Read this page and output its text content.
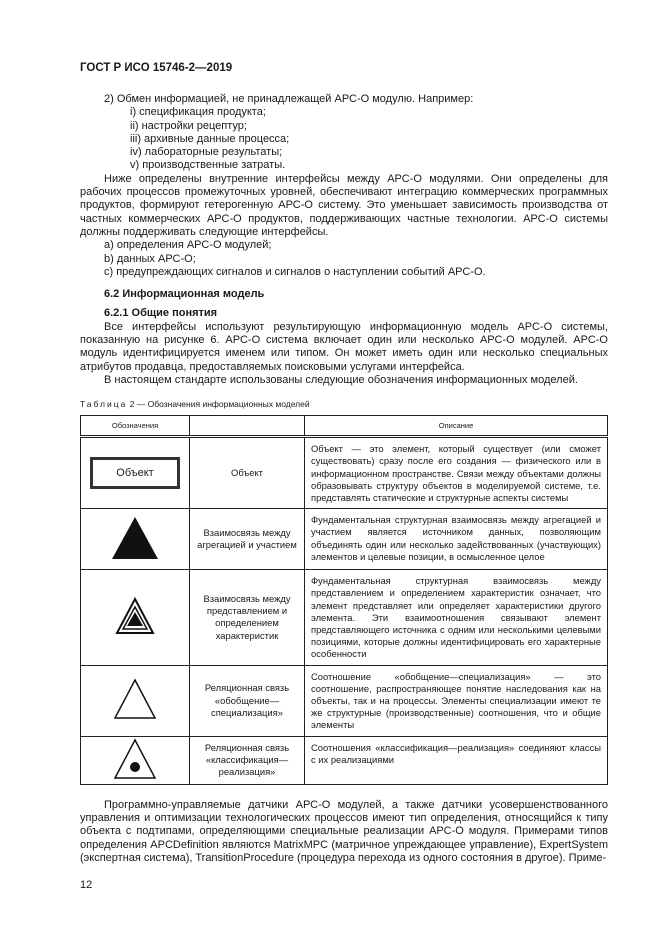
ГОСТ Р ИСО 15746-2—2019

2) Обмен информацией, не принадлежащей АРС-О модулю. Например:

i) спецификация продукта;

ii) настройки рецептур;

iii) архивные данные процесса;

iv) лабораторные результаты;

v) производственные затраты.

Ниже определены внутренние интерфейсы между АРС-О модулями. Они определены для рабочих процессов промежуточных уровней, обеспечивают интеграцию коммерческих программных продуктов, формируют гетерогенную АРС-О систему. Это уменьшает зависимость производства от частных коммерческих АРС-О продуктов, поддерживающих частные технологии. АРС-О системы должны поддерживать следующие интерфейсы.

a) определения АРС-О модулей;

b) данных АРС-О;

c) предупреждающих сигналов и сигналов о наступлении событий АРС-О.

6.2 Информационная модель

6.2.1 Общие понятия

Все интерфейсы используют результирующую информационную модель АРС-О системы, показанную на рисунке 6. АРС-О система включает один или несколько АРС-О модулей. АРС-О модуль идентифицируется именем или типом. Он может иметь один или несколько специальных атрибутов продавца, предоставляемых поисковыми услугами интерфейса.

В настоящем стандарте использованы следующие обозначения информационных моделей.

Таблица 2 — Обозначения информационных моделей
Обозначения		Описание
Объект	Объект	Объект — это элемент, который существует (или сможет существовать) сразу после его создания — физического или в информационном пространстве. Связи между объектами должны образовывать структуру объектов в моделируемой системе, т.е. представлять статические и структурные аспекты системы
	Взаимосвязь между агрегацией и участием	Фундаментальная структурная взаимосвязь между агрегацией и участием является источником данных, позволяющим объединять один или несколько задействованных (участвующих) элементов и целевые позиции, в осмысленное целое
	Взаимосвязь между представлением и определением характеристик	Фундаментальная структурная взаимосвязь между представлением и определением характеристик означает, что элемент представляет или определяет характеристики другого элемента. Эти взаимоотношения связывают элемент представляющего источника с одним или несколькими целевыми позициями, которые должны идентифицировать его характерные особенности
	Реляционная связь «обобщение—специализация»	Соотношение «обобщение—специализация» — это соотношение, распространяющее понятие наследования как на объекты, так и на процессы. Элементы специализации имеют те же структурные (производственные) соотношения, что и общие элементы
	Реляционная связь «классификация—реализация»	Соотношения «классификация—реализация» соединяют классы с их реализациями

Программно-управляемые датчики АРС-О модулей, а также датчики усовершенствованного управления и оптимизации технологических процессов имеют тип определения, относящийся к типу объекта с подтипами, определяющими специальные реализации АРС-О модуля. Примерами типов определения APCDefinition являются MatrixMPC (матричное упреждающее управление), ExpertSystem (экспертная система), TransitionProcedure (процедура перехода из одного состояния в другое). Приме-

12
